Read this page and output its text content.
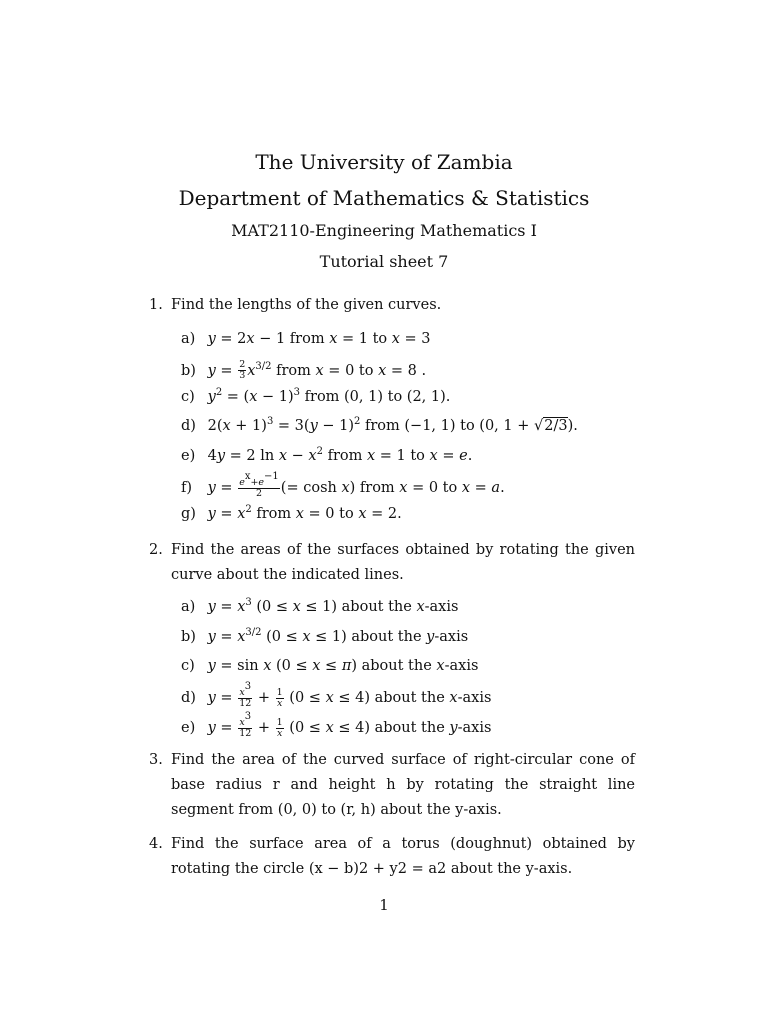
The University of Zambia
Department of Mathematics & Statistics
MAT2110-Engineering Mathematics I
Tutorial sheet 7
1. Find the lengths of the given curves.
a) y = 2x − 1 from x = 1 to x = 3
b) $y = \frac{2}{3} x^{3/2}$ from x = 0 to x = 8 .
c) $y^2 = (x - 1)^3$ from (0, 1) to (2, 1).
d) $2(x + 1)^3 = 3(y - 1)^2$ from (−1, 1) to (0, 1 + √2/3).
e) 4y = 2 $\ln x - x^2$ from x = 1 to x = e.
f) $y = \frac{e^x+e^{-1}}{2}$ (= cosh x) from x = 0 to x = a.
g) $y = x^2$ from x = 0 to x = 2.
2. Find the areas of the surfaces obtained by rotating the given curve about the indicated lines.
a) $y = x^3$ (0 ≤ x ≤ 1) about the x-axis
b) $y = x^{3/2}$ (0 ≤ x ≤ 1) about the y-axis
c) y = sin x (0 ≤ x ≤ π) about the x-axis
d) $y = \frac{x^3}{12} + \frac{1}{x} (0 \le x \le 4)$ about the x-axis
e) $y = \frac{x^3}{12} + \frac{1}{x} (0 \le x \le 4)$ about the y-axis
3. Find the area of the curved surface of right-circular cone of base radius r and height h by rotating the straight line segment from (0, 0) to (r, h) about the y-axis.
4. Find the surface area of a torus (doughnut) obtained by rotating the circle (x − b)2 + y2 = a2 about the y-axis.
1
